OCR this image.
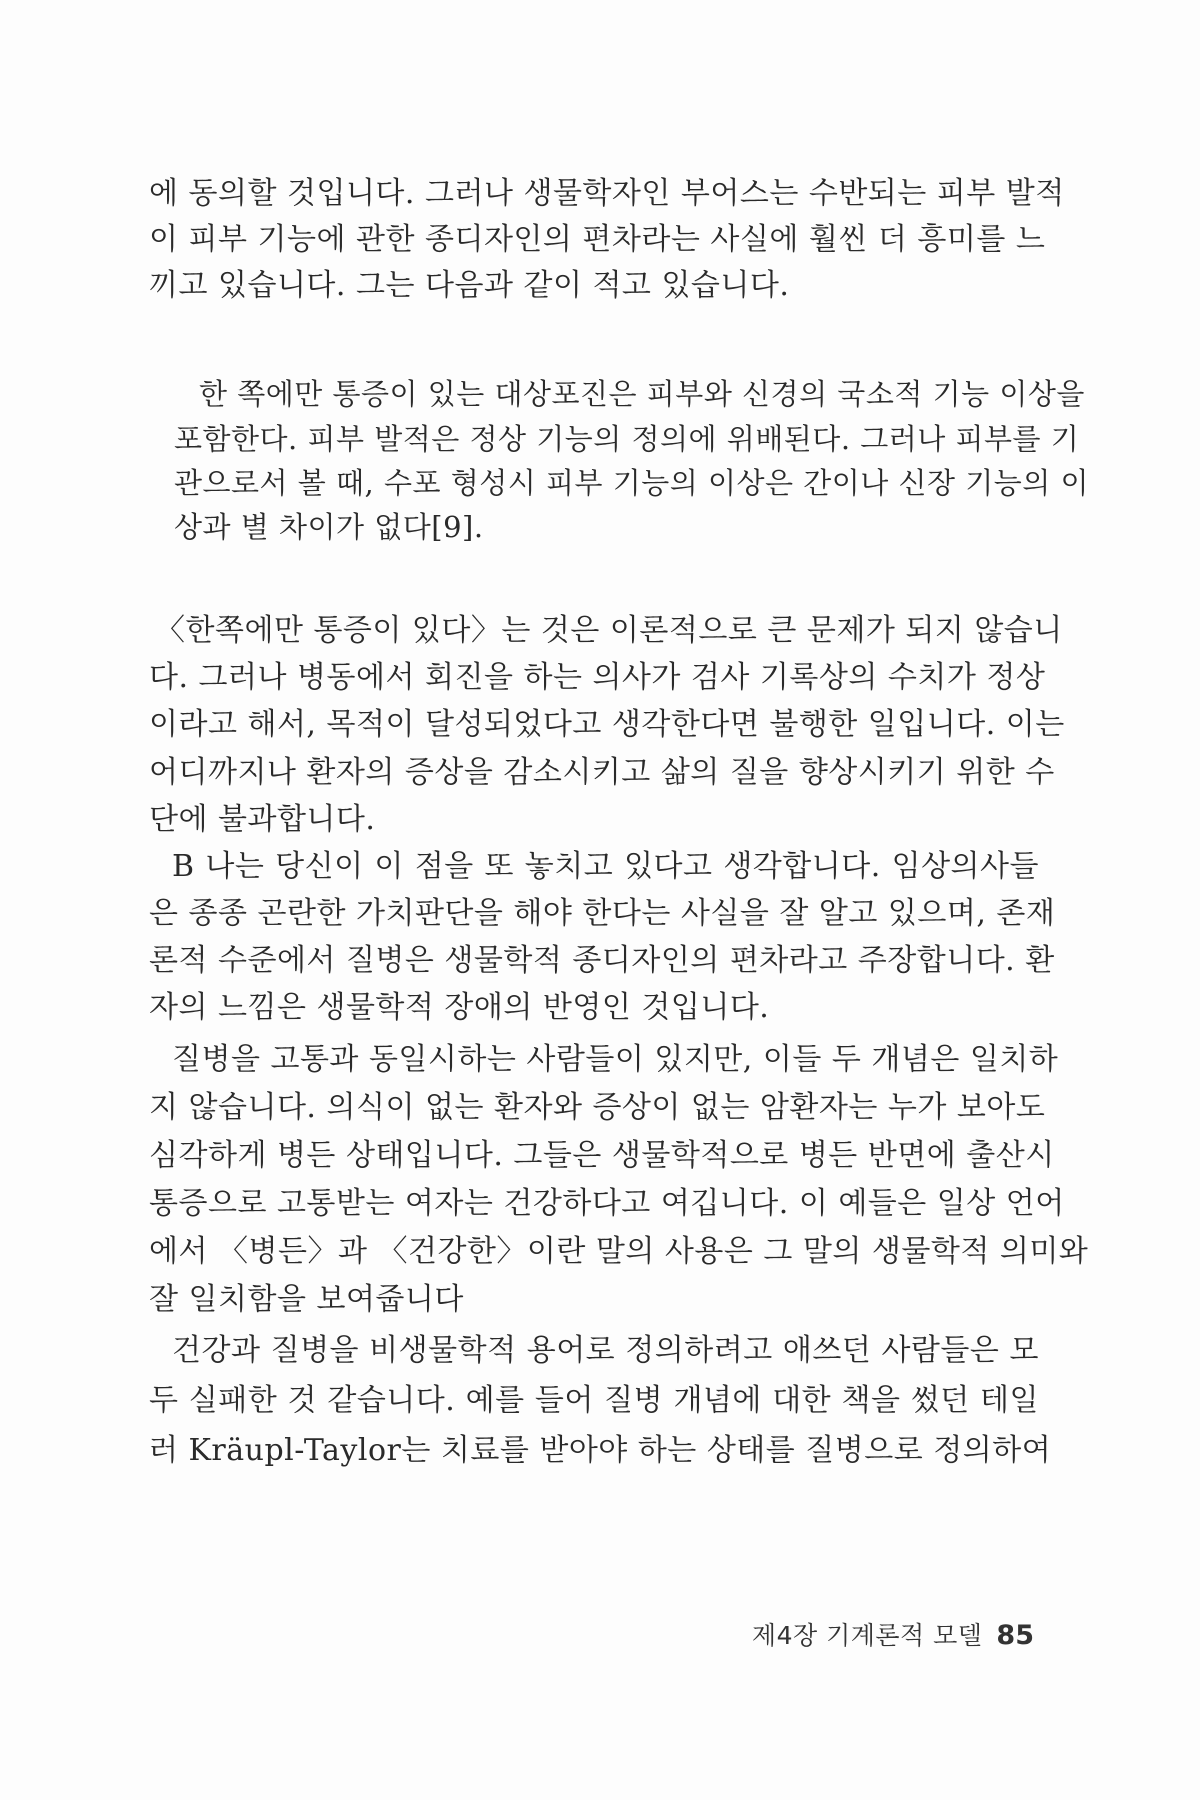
에 동의할 것입니다. 그러나 생물학자인 부어스는 수반되는 피부 발적
이 피부 기능에 관한 종디자인의 편차라는 사실에 훨씬 더 흥미를 느
끼고 있습니다. 그는 다음과 같이 적고 있습니다.
한 쪽에만 통증이 있는 대상포진은 피부와 신경의 국소적 기능 이상을
포함한다. 피부 발적은 정상 기능의 정의에 위배된다. 그러나 피부를 기
관으로서 볼 때, 수포 형성시 피부 기능의 이상은 간이나 신장 기능의 이
상과 별 차이가 없다[9].
〈한쪽에만 통증이 있다〉는 것은 이론적으로 큰 문제가 되지 않습니
다. 그러나 병동에서 회진을 하는 의사가 검사 기록상의 수치가 정상
이라고 해서, 목적이 달성되었다고 생각한다면 불행한 일입니다. 이는
어디까지나 환자의 증상을 감소시키고 삶의 질을 향상시키기 위한 수
단에 불과합니다.
B 나는 당신이 이 점을 또 놓치고 있다고 생각합니다. 임상의사들
은 종종 곤란한 가치판단을 해야 한다는 사실을 잘 알고 있으며, 존재
론적 수준에서 질병은 생물학적 종디자인의 편차라고 주장합니다. 환
자의 느낌은 생물학적 장애의 반영인 것입니다.
질병을 고통과 동일시하는 사람들이 있지만, 이들 두 개념은 일치하
지 않습니다. 의식이 없는 환자와 증상이 없는 암환자는 누가 보아도
심각하게 병든 상태입니다. 그들은 생물학적으로 병든 반면에 출산시
통증으로 고통받는 여자는 건강하다고 여깁니다. 이 예들은 일상 언어
에서 〈병든〉과 〈건강한〉이란 말의 사용은 그 말의 생물학적 의미와
잘 일치함을 보여줍니다
건강과 질병을 비생물학적 용어로 정의하려고 애쓰던 사람들은 모
두 실패한 것 같습니다. 예를 들어 질병 개념에 대한 책을 썼던 테일
러 Kräupl-Taylor는 치료를 받아야 하는 상태를 질병으로 정의하여
제4장 기계론적 모델 85
